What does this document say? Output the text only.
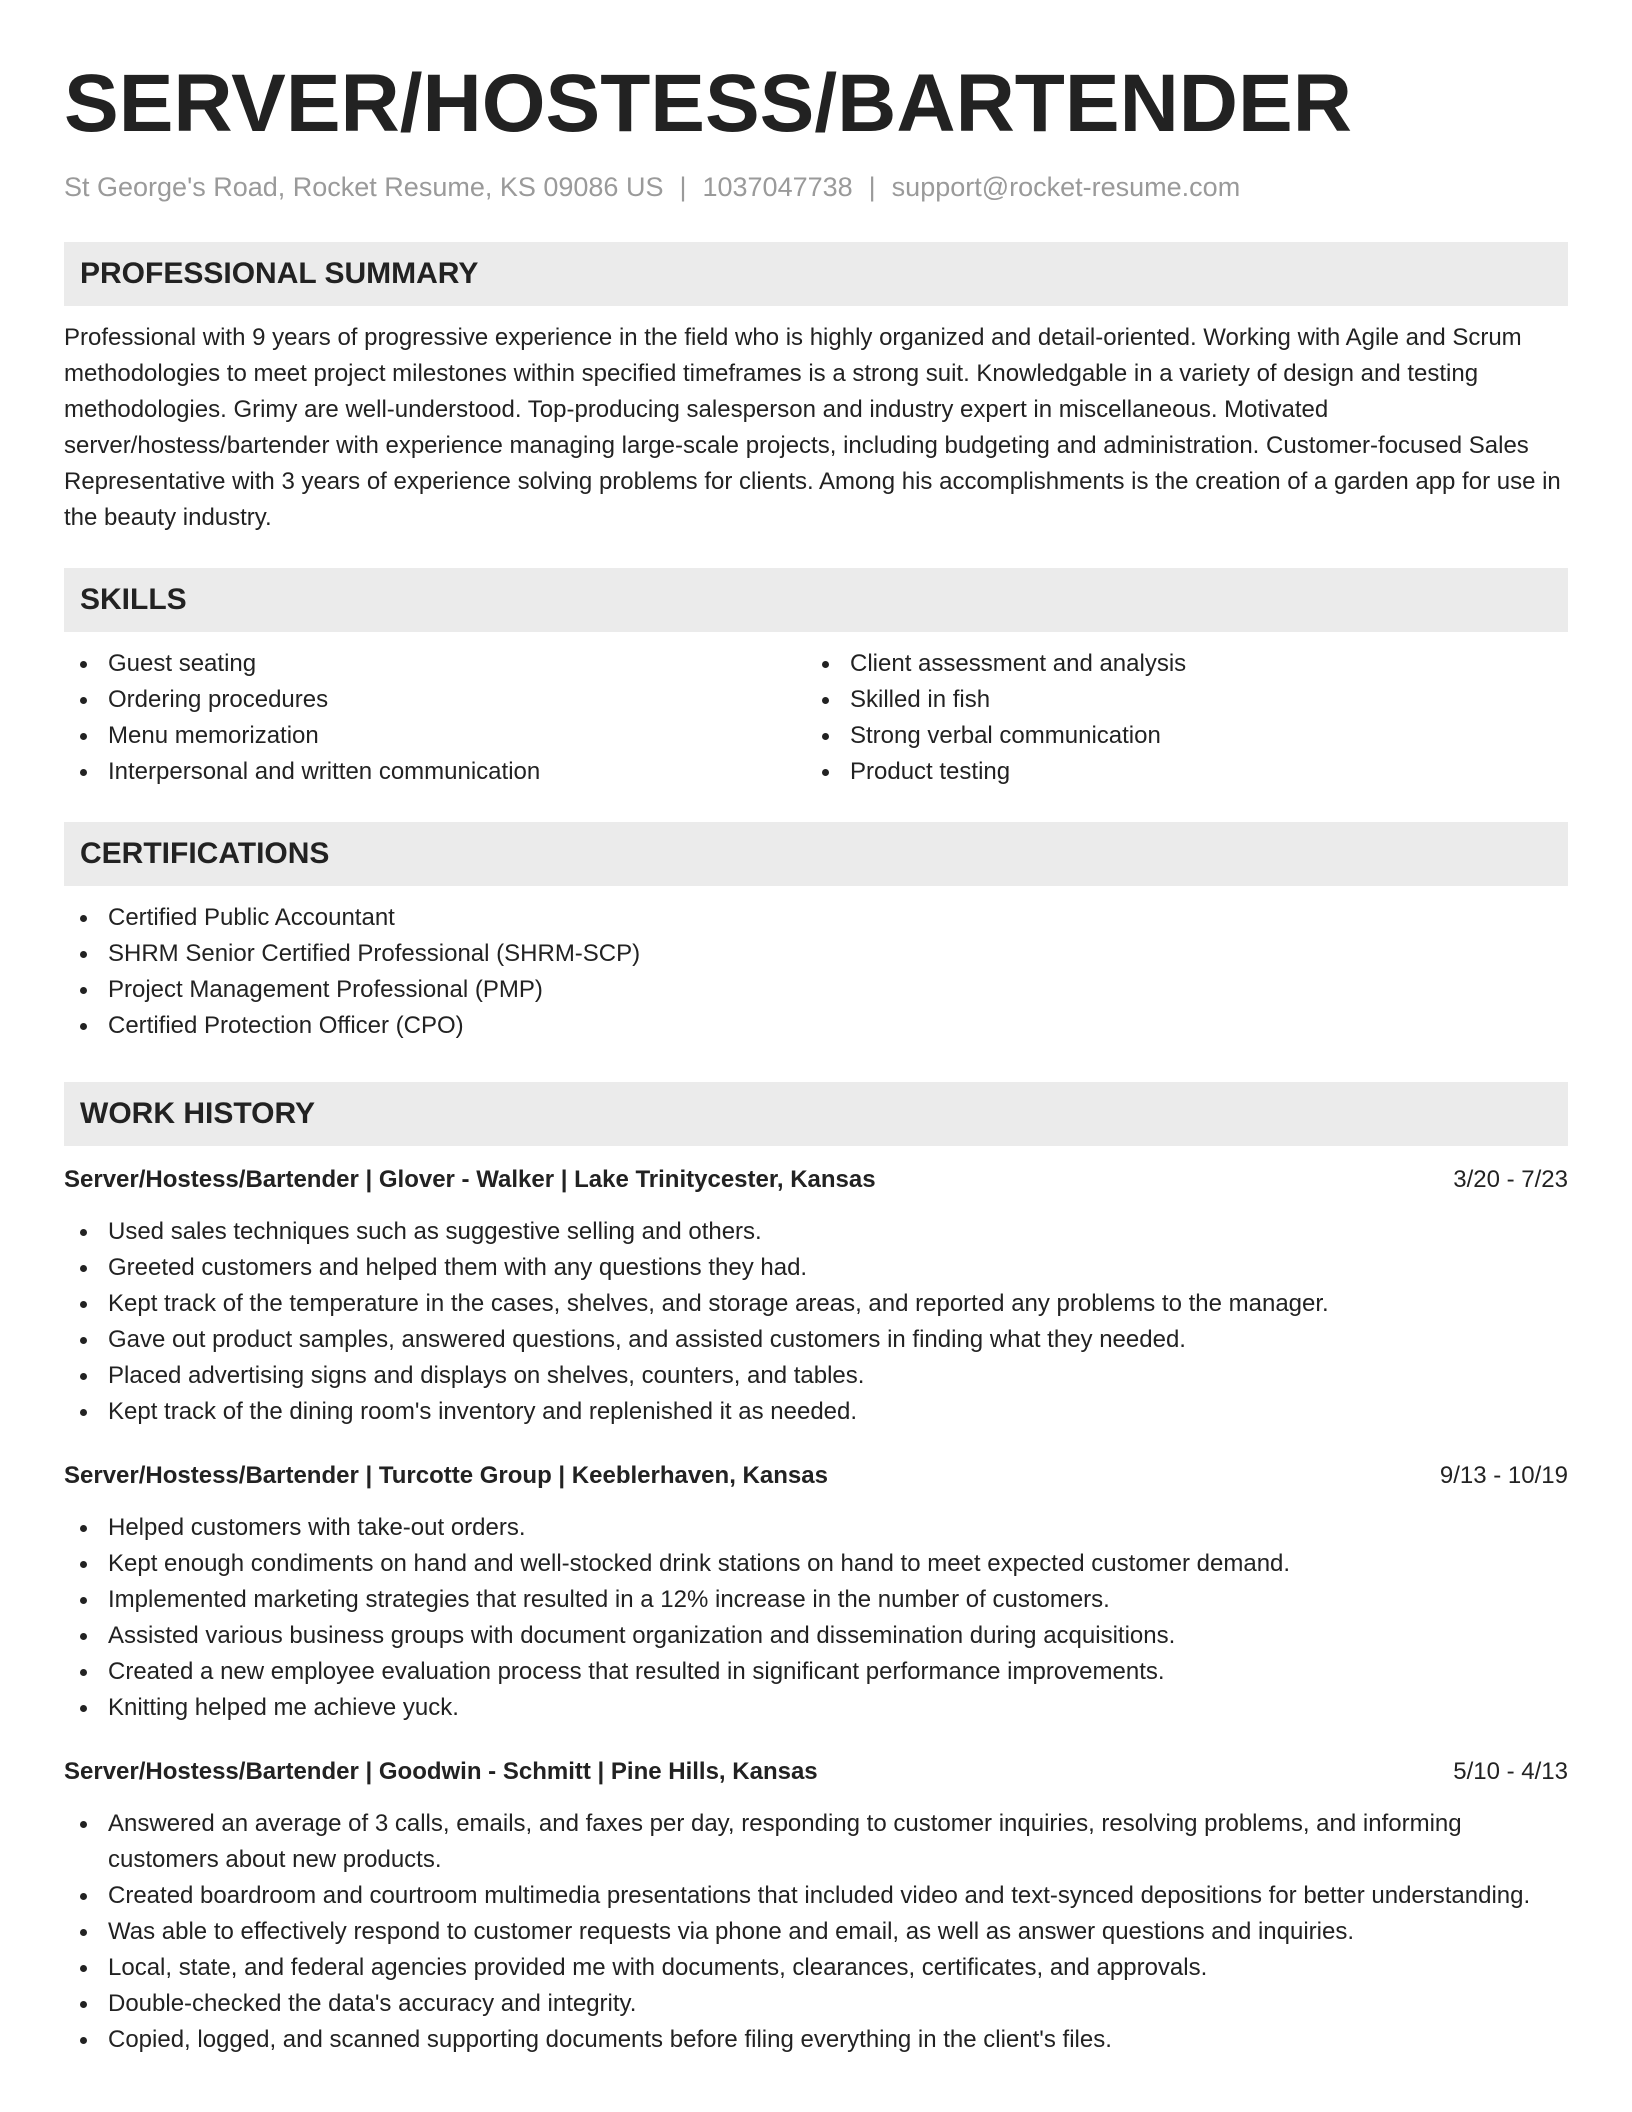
SERVER/HOSTESS/BARTENDER
St George's Road, Rocket Resume, KS 09086 US | 1037047738 | support@rocket-resume.com
PROFESSIONAL SUMMARY

Professional with 9 years of progressive experience in the field who is highly organized and detail-oriented. Working with Agile and Scrum methodologies to meet project milestones within specified timeframes is a strong suit. Knowledgable in a variety of design and testing methodologies. Grimy are well-understood. Top-producing salesperson and industry expert in miscellaneous. Motivated server/hostess/bartender with experience managing large-scale projects, including budgeting and administration. Customer-focused Sales Representative with 3 years of experience solving problems for clients. Among his accomplishments is the creation of a garden app for use in the beauty industry.

SKILLS
Guest seating
Ordering procedures
Menu memorization
Interpersonal and written communication
Client assessment and analysis
Skilled in fish
Strong verbal communication
Product testing
CERTIFICATIONS
Certified Public Accountant
SHRM Senior Certified Professional (SHRM-SCP)
Project Management Professional (PMP)
Certified Protection Officer (CPO)
WORK HISTORY
Server/Hostess/Bartender | Glover - Walker | Lake Trinitycester, Kansas	3/20 - 7/23
Used sales techniques such as suggestive selling and others.
Greeted customers and helped them with any questions they had.
Kept track of the temperature in the cases, shelves, and storage areas, and reported any problems to the manager.
Gave out product samples, answered questions, and assisted customers in finding what they needed.
Placed advertising signs and displays on shelves, counters, and tables.
Kept track of the dining room's inventory and replenished it as needed.
Server/Hostess/Bartender | Turcotte Group | Keeblerhaven, Kansas	9/13 - 10/19
Helped customers with take-out orders.
Kept enough condiments on hand and well-stocked drink stations on hand to meet expected customer demand.
Implemented marketing strategies that resulted in a 12% increase in the number of customers.
Assisted various business groups with document organization and dissemination during acquisitions.
Created a new employee evaluation process that resulted in significant performance improvements.
Knitting helped me achieve yuck.
Server/Hostess/Bartender | Goodwin - Schmitt | Pine Hills, Kansas	5/10 - 4/13
Answered an average of 3 calls, emails, and faxes per day, responding to customer inquiries, resolving problems, and informing customers about new products.
Created boardroom and courtroom multimedia presentations that included video and text-synced depositions for better understanding.
Was able to effectively respond to customer requests via phone and email, as well as answer questions and inquiries.
Local, state, and federal agencies provided me with documents, clearances, certificates, and approvals.
Double-checked the data's accuracy and integrity.
Copied, logged, and scanned supporting documents before filing everything in the client's files.
